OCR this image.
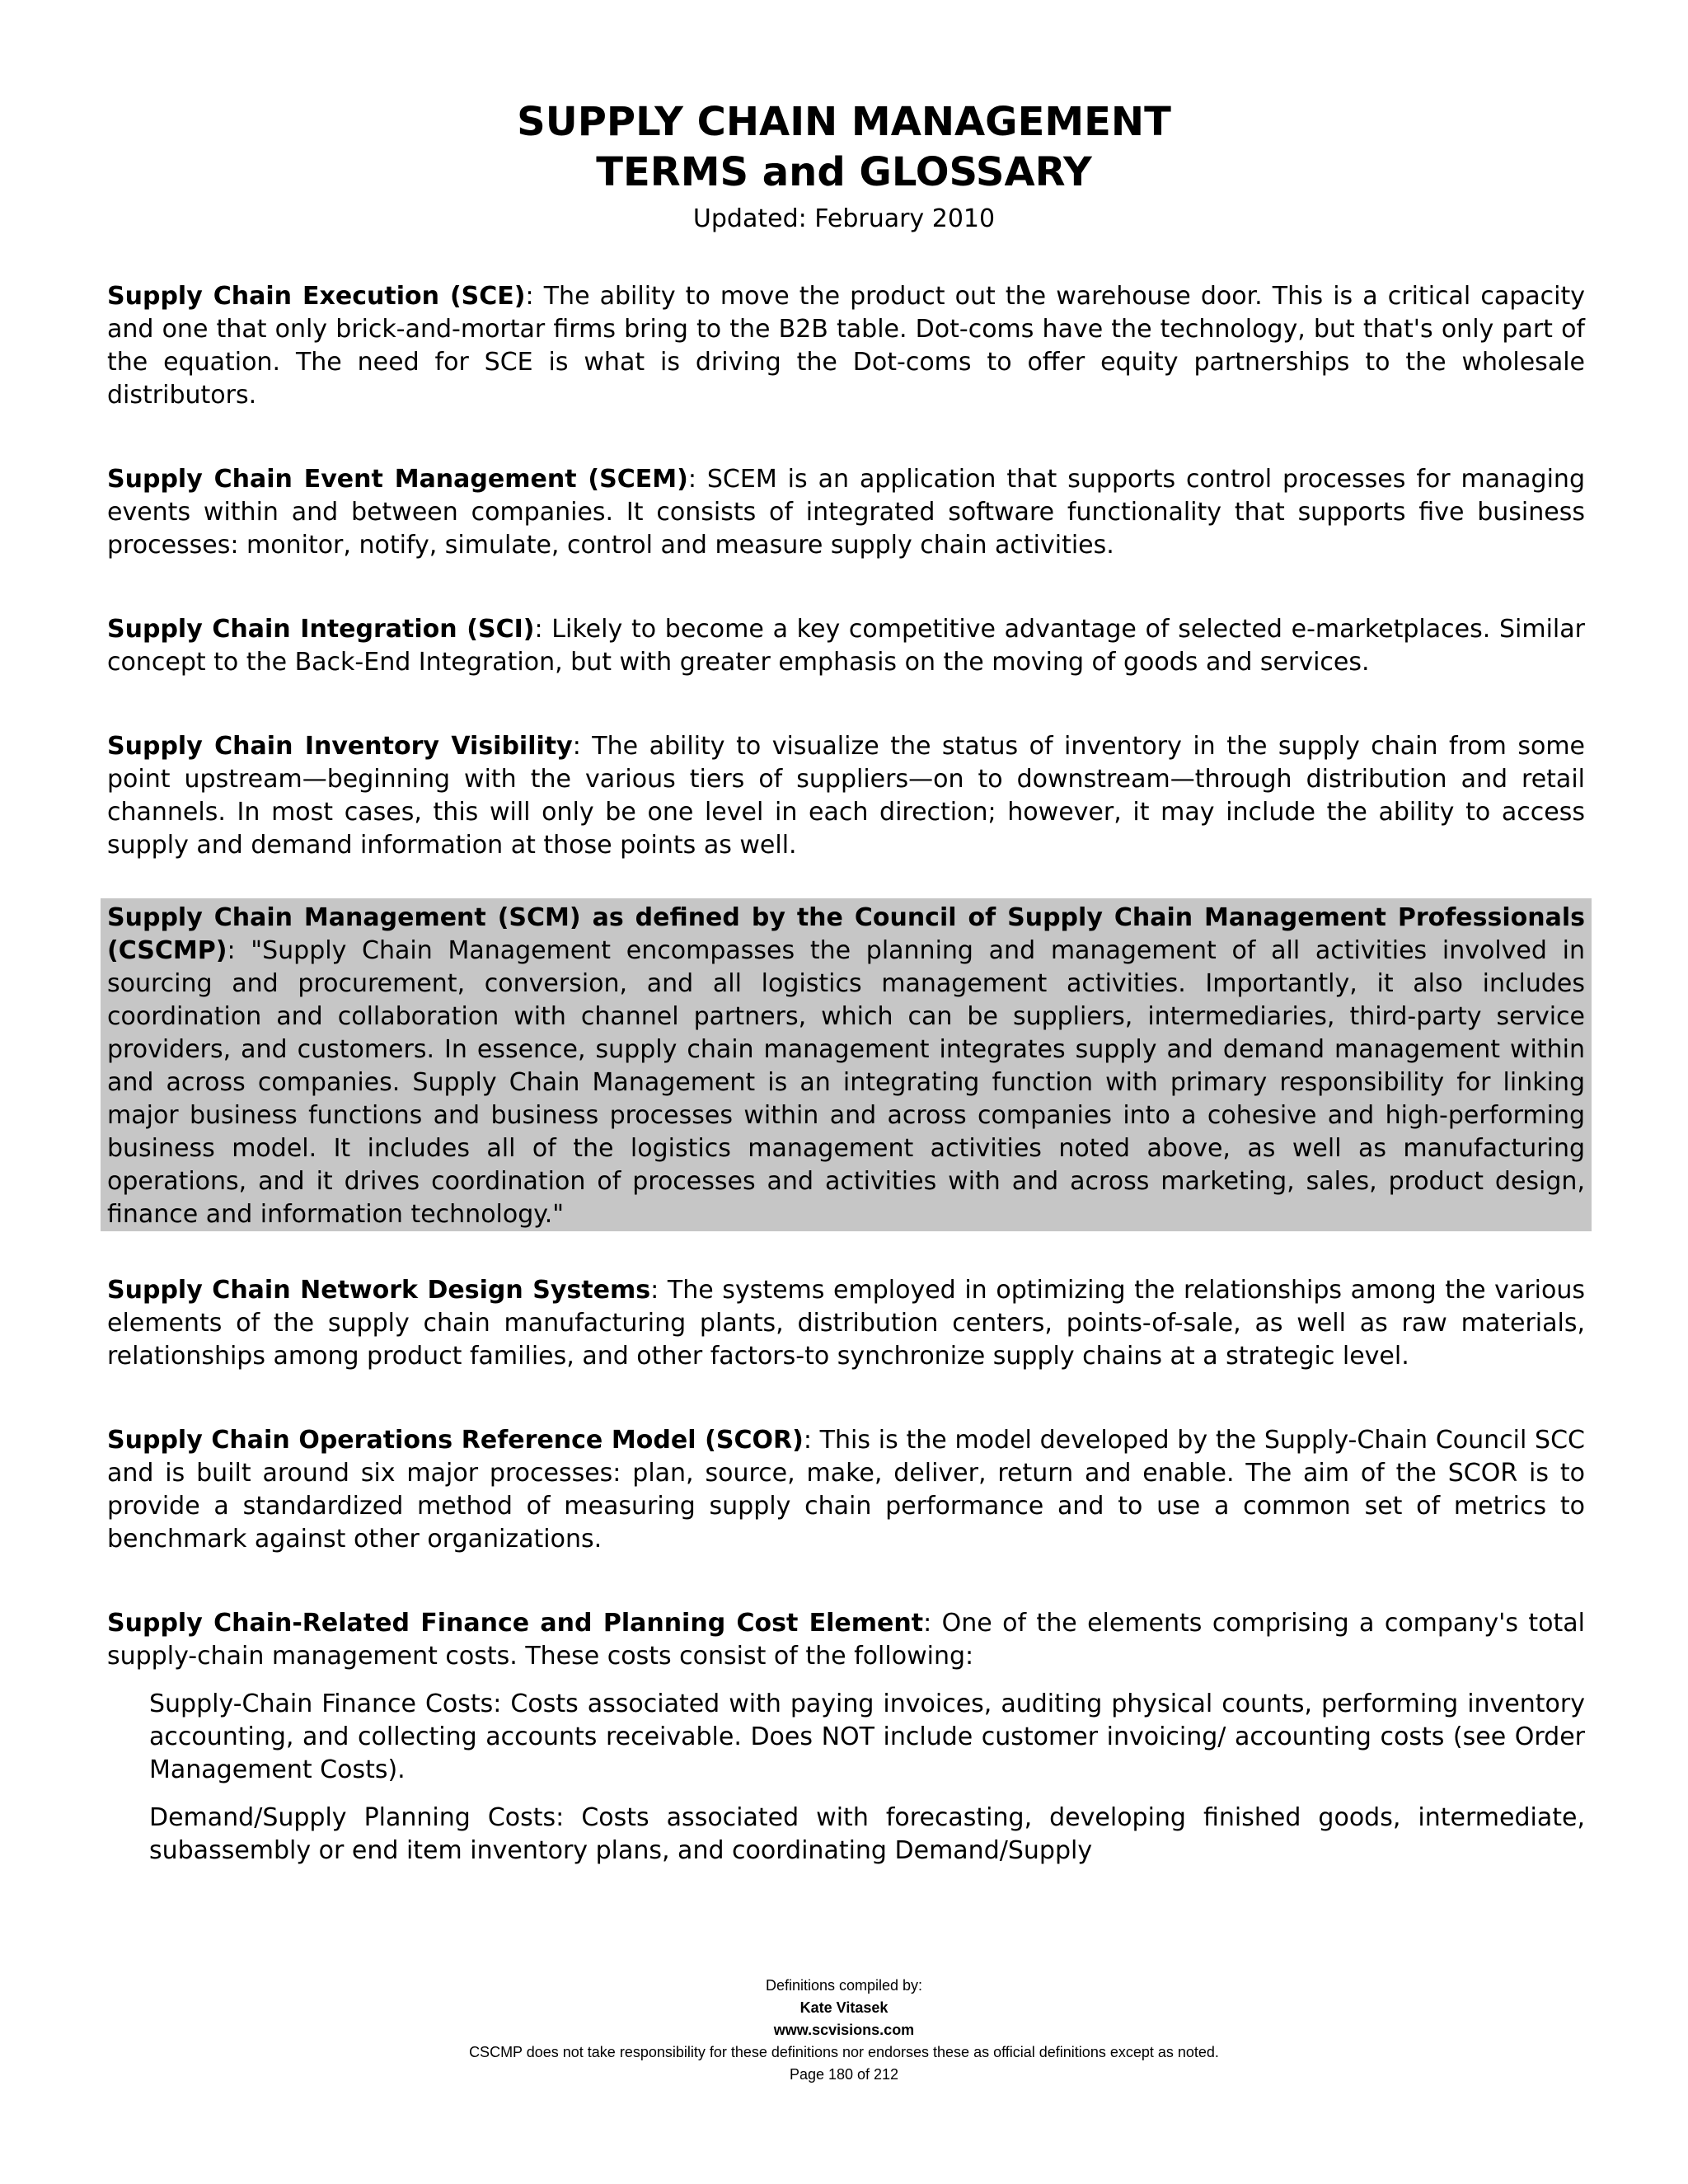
SUPPLY CHAIN MANAGEMENT
TERMS and GLOSSARY
Updated: February 2010

Supply Chain Execution (SCE): The ability to move the product out the warehouse door. This is a critical capacity and one that only brick-and-mortar firms bring to the B2B table. Dot-coms have the technology, but that's only part of the equation. The need for SCE is what is driving the Dot-coms to offer equity partnerships to the wholesale distributors.

Supply Chain Event Management (SCEM): SCEM is an application that supports control processes for managing events within and between companies. It consists of integrated software functionality that supports five business processes: monitor, notify, simulate, control and measure supply chain activities.

Supply Chain Integration (SCI): Likely to become a key competitive advantage of selected e-marketplaces. Similar concept to the Back-End Integration, but with greater emphasis on the moving of goods and services.

Supply Chain Inventory Visibility: The ability to visualize the status of inventory in the supply chain from some point upstream—beginning with the various tiers of suppliers—on to downstream—through distribution and retail channels. In most cases, this will only be one level in each direction; however, it may include the ability to access supply and demand information at those points as well.

Supply Chain Management (SCM) as defined by the Council of Supply Chain Management Professionals (CSCMP): "Supply Chain Management encompasses the planning and management of all activities involved in sourcing and procurement, conversion, and all logistics management activities. Importantly, it also includes coordination and collaboration with channel partners, which can be suppliers, intermediaries, third-party service providers, and customers. In essence, supply chain management integrates supply and demand management within and across companies. Supply Chain Management is an integrating function with primary responsibility for linking major business functions and business processes within and across companies into a cohesive and high-performing business model. It includes all of the logistics management activities noted above, as well as manufacturing operations, and it drives coordination of processes and activities with and across marketing, sales, product design, finance and information technology."

Supply Chain Network Design Systems: The systems employed in optimizing the relationships among the various elements of the supply chain manufacturing plants, distribution centers, points-of-sale, as well as raw materials, relationships among product families, and other factors-to synchronize supply chains at a strategic level.

Supply Chain Operations Reference Model (SCOR): This is the model developed by the Supply-Chain Council SCC and is built around six major processes: plan, source, make, deliver, return and enable. The aim of the SCOR is to provide a standardized method of measuring supply chain performance and to use a common set of metrics to benchmark against other organizations.

Supply Chain-Related Finance and Planning Cost Element: One of the elements comprising a company's total supply-chain management costs. These costs consist of the following:

Supply-Chain Finance Costs: Costs associated with paying invoices, auditing physical counts, performing inventory accounting, and collecting accounts receivable. Does NOT include customer invoicing/ accounting costs (see Order Management Costs).

Demand/Supply Planning Costs: Costs associated with forecasting, developing finished goods, intermediate, subassembly or end item inventory plans, and coordinating Demand/Supply

Definitions compiled by:
Kate Vitasek
www.scvisions.com
CSCMP does not take responsibility for these definitions nor endorses these as official definitions except as noted.
Page 180 of 212
